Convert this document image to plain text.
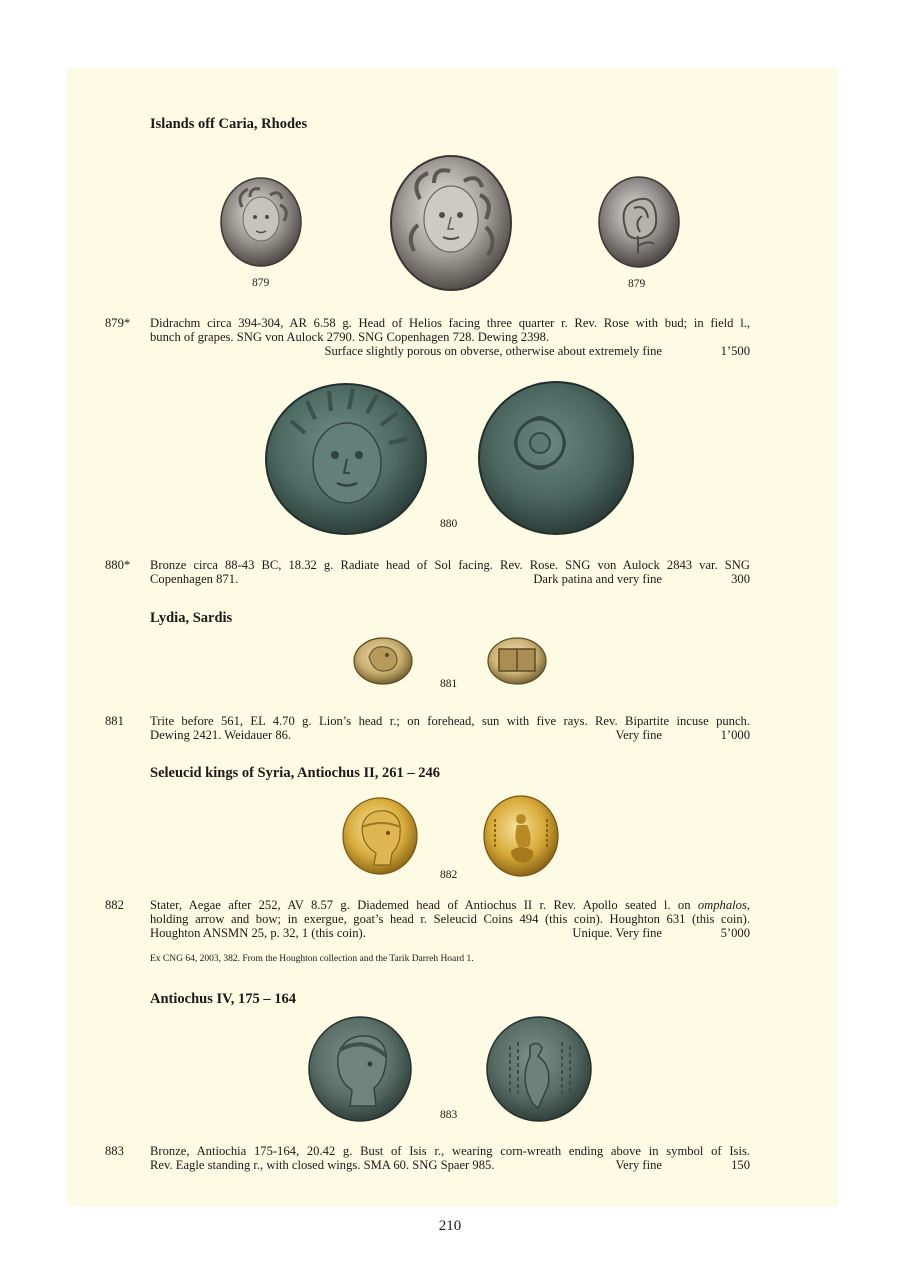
Islands off Caria, Rhodes
879	879
879* Didrachm circa 394-304, AR 6.58 g. Head of Helios facing three quarter r. Rev. Rose with bud; in field l.,
bunch of grapes. SNG von Aulock 2790. SNG Copenhagen 728. Dewing 2398.
Surface slightly porous on obverse, otherwise about extremely fine	1’500
880
880* Bronze circa 88-43 BC, 18.32 g. Radiate head of Sol facing. Rev. Rose. SNG von Aulock 2843 var. SNG
Copenhagen 871.	Dark patina and very fine	300
Lydia, Sardis
881
881 Trite before 561, EL 4.70 g. Lion’s head r.; on forehead, sun with five rays. Rev. Bipartite incuse punch.
Dewing 2421. Weidauer 86.	Very fine	1’000
Seleucid kings of Syria, Antiochus II, 261 – 246
882
882 Stater, Aegae after 252, AV 8.57 g. Diademed head of Antiochus II r. Rev. Apollo seated l. on omphalos,
holding arrow and bow; in exergue, goat’s head r. Seleucid Coins 494 (this coin). Houghton 631 (this coin).
Houghton ANSMN 25, p. 32, 1 (this coin).	Unique. Very fine	5’000
Ex CNG 64, 2003, 382. From the Houghton collection and the Tarik Darreh Hoard 1.
Antiochus IV, 175 – 164
883
883 Bronze, Antiochia 175-164, 20.42 g. Bust of Isis r., wearing corn-wreath ending above in symbol of Isis.
Rev. Eagle standing r., with closed wings. SMA 60. SNG Spaer 985.	Very fine	150
210
